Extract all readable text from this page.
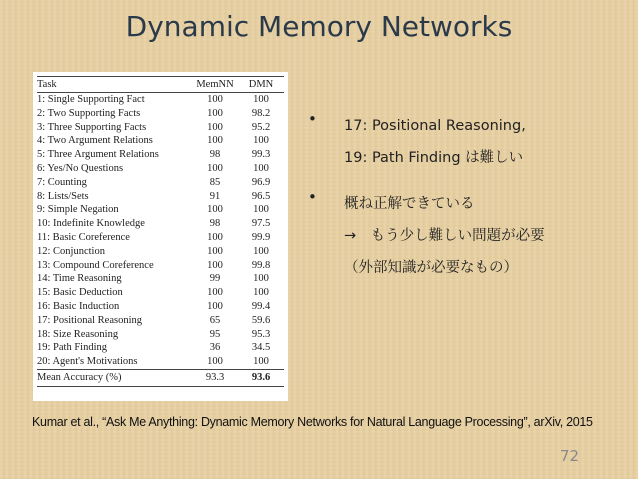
Dynamic Memory Networks
Task	MemNN	DMN
1: Single Supporting Fact	100	100
2: Two Supporting Facts	100	98.2
3: Three Supporting Facts	100	95.2
4: Two Argument Relations	100	100
5: Three Argument Relations	98	99.3
6: Yes/No Questions	100	100
7: Counting	85	96.9
8: Lists/Sets	91	96.5
9: Simple Negation	100	100
10: Indefinite Knowledge	98	97.5
11: Basic Coreference	100	99.9
12: Conjunction	100	100
13: Compound Coreference	100	99.8
14: Time Reasoning	99	100
15: Basic Deduction	100	100
16: Basic Induction	100	99.4
17: Positional Reasoning	65	59.6
18: Size Reasoning	95	95.3
19: Path Finding	36	34.5
20: Agent's Motivations	100	100
Mean Accuracy (%)	93.3	93.6
• 17: Positional Reasoning,
19: Path Finding は難しい
• 概ね正解できている
→　もう少し難しい問題が必要
（外部知識が必要なもの）
Kumar et al., “Ask Me Anything: Dynamic Memory Networks for Natural Language Processing”, arXiv, 2015
72
